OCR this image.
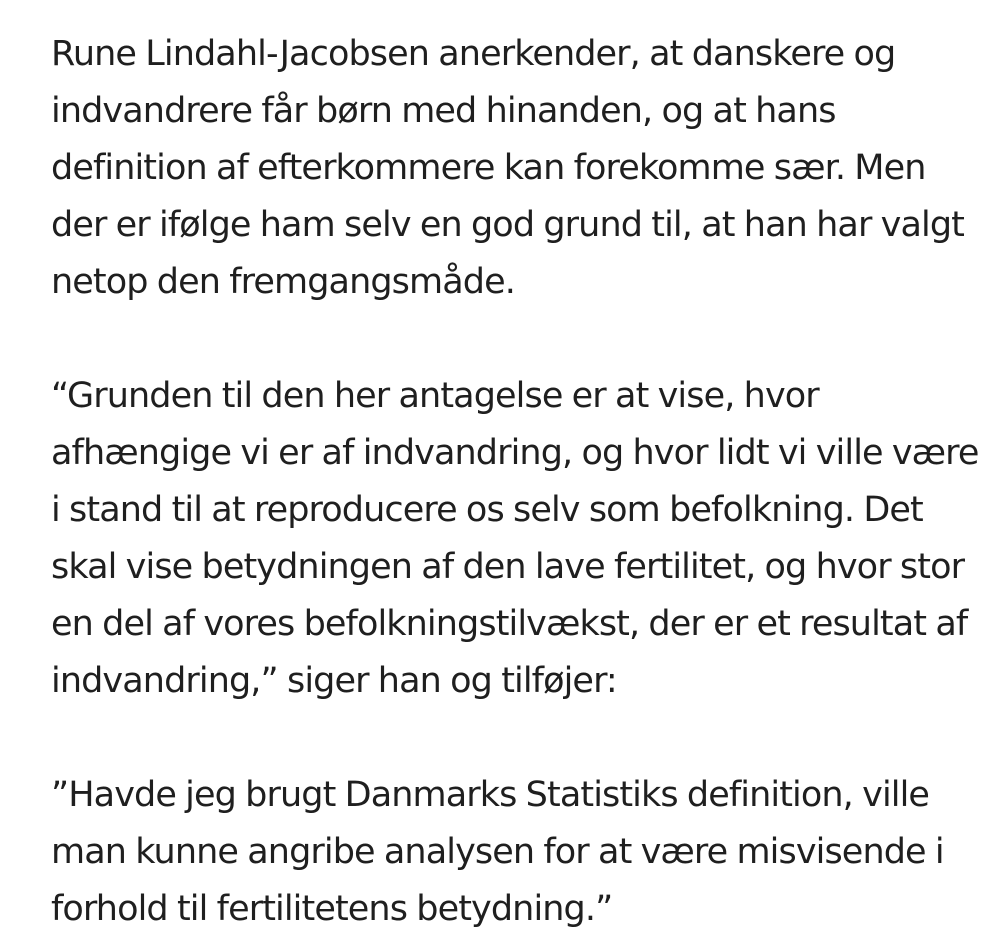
Rune Lindahl-Jacobsen anerkender, at danskere og
indvandrere får børn med hinanden, og at hans
definition af efterkommere kan forekomme sær. Men
der er ifølge ham selv en god grund til, at han har valgt
netop den fremgangsmåde.

“Grunden til den her antagelse er at vise, hvor
afhængige vi er af indvandring, og hvor lidt vi ville være
i stand til at reproducere os selv som befolkning. Det
skal vise betydningen af den lave fertilitet, og hvor stor
en del af vores befolkningstilvækst, der er et resultat af
indvandring,” siger han og tilføjer:

”Havde jeg brugt Danmarks Statistiks definition, ville
man kunne angribe analysen for at være misvisende i
forhold til fertilitetens betydning.”
